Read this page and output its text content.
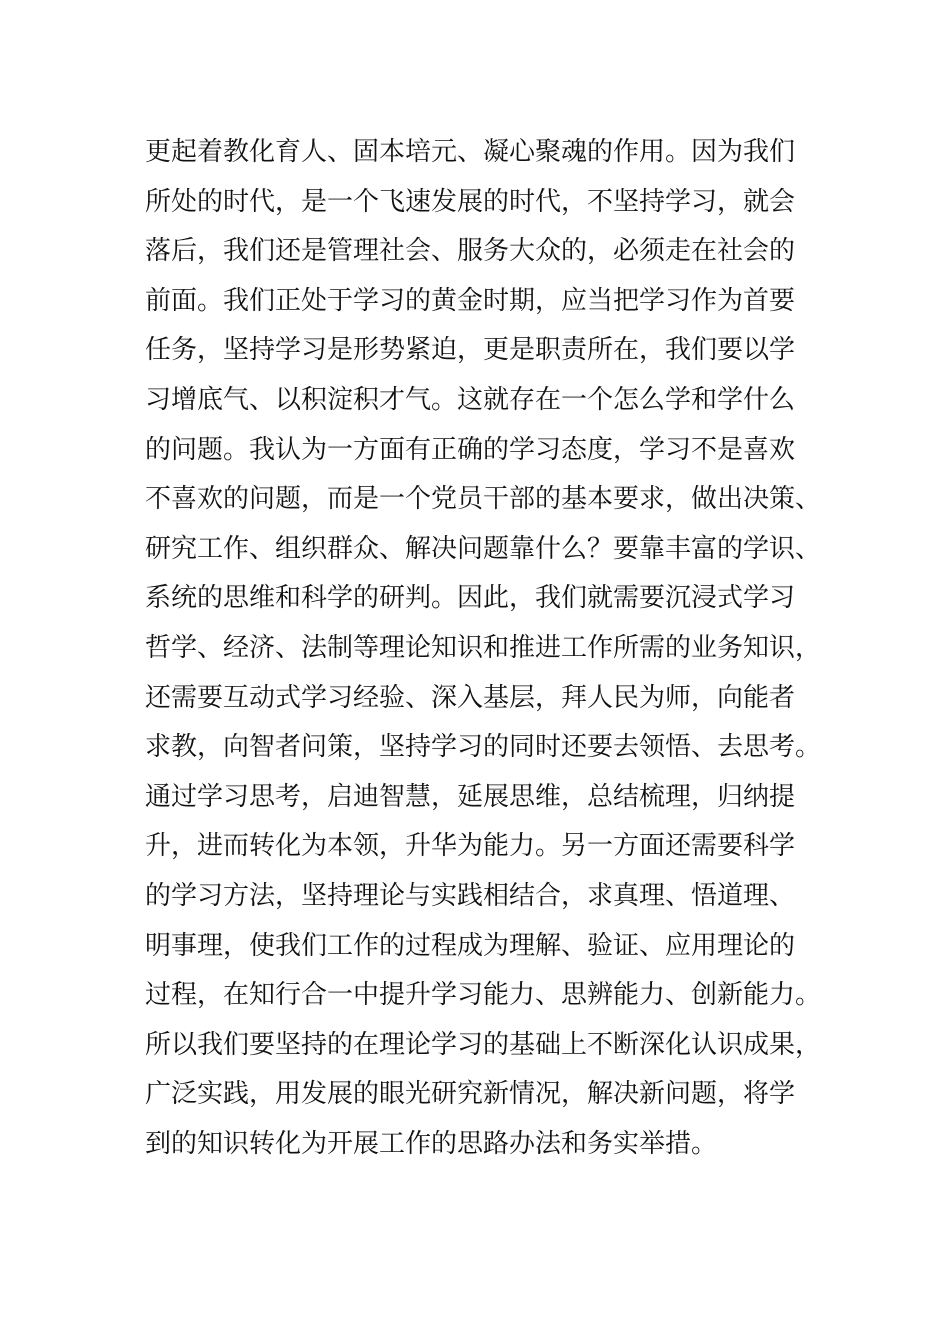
更起着教化育人、固本培元、凝心聚魂的作用。因为我们
所处的时代，是一个飞速发展的时代，不坚持学习，就会
落后，我们还是管理社会、服务大众的，必须走在社会的
前面。我们正处于学习的黄金时期，应当把学习作为首要
任务，坚持学习是形势紧迫，更是职责所在，我们要以学
习增底气、以积淀积才气。这就存在一个怎么学和学什么
的问题。我认为一方面有正确的学习态度，学习不是喜欢
不喜欢的问题，而是一个党员干部的基本要求，做出决策、
研究工作、组织群众、解决问题靠什么？要靠丰富的学识、
系统的思维和科学的研判。因此，我们就需要沉浸式学习
哲学、经济、法制等理论知识和推进工作所需的业务知识，
还需要互动式学习经验、深入基层，拜人民为师，向能者
求教，向智者问策，坚持学习的同时还要去领悟、去思考。
通过学习思考，启迪智慧，延展思维，总结梳理，归纳提
升，进而转化为本领，升华为能力。另一方面还需要科学
的学习方法，坚持理论与实践相结合，求真理、悟道理、
明事理，使我们工作的过程成为理解、验证、应用理论的
过程，在知行合一中提升学习能力、思辨能力、创新能力。
所以我们要坚持的在理论学习的基础上不断深化认识成果，
广泛实践，用发展的眼光研究新情况，解决新问题，将学
到的知识转化为开展工作的思路办法和务实举措。
